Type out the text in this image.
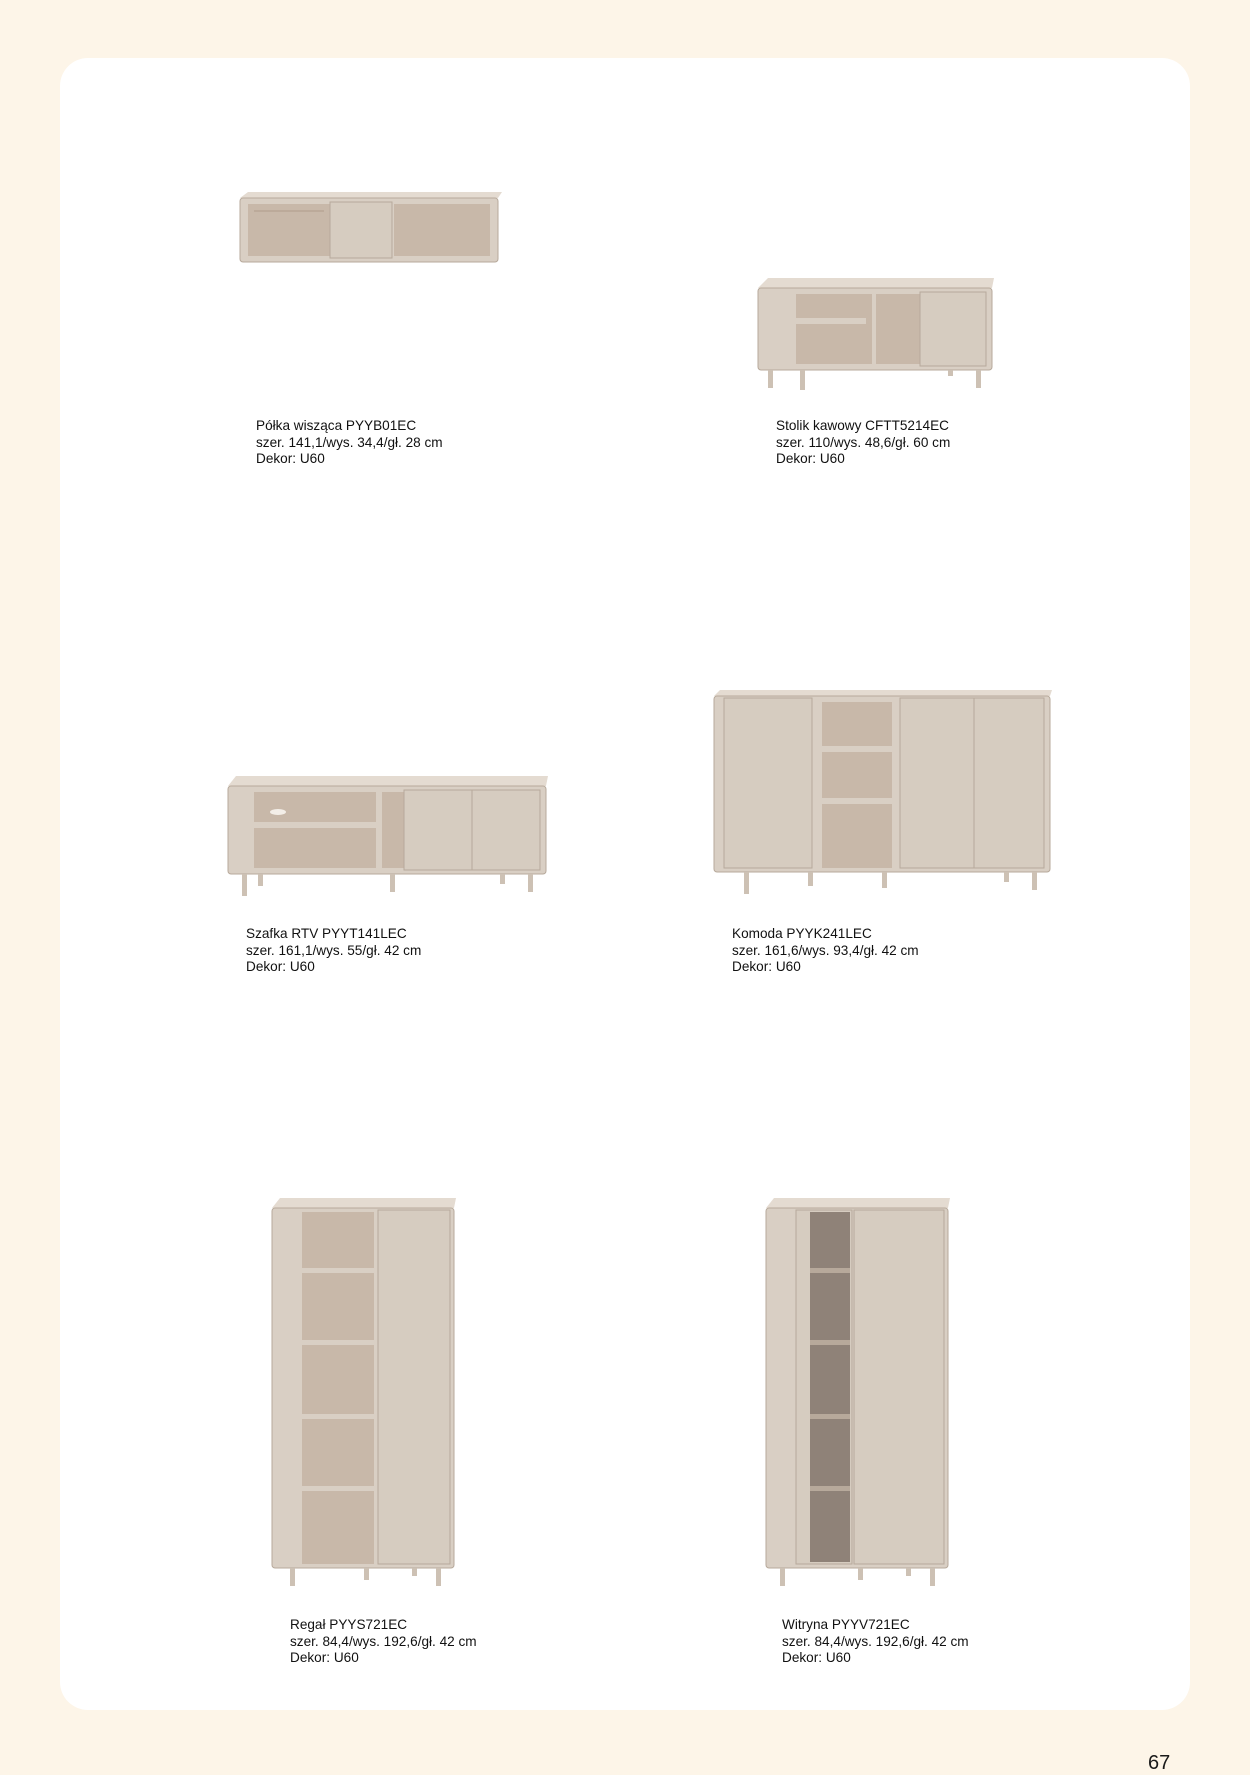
Półka wisząca PYYB01EC
szer. 141,1/wys. 34,4/gł. 28 cm
Dekor: U60
Stolik kawowy CFTT5214EC
szer. 110/wys. 48,6/gł. 60 cm
Dekor: U60
Szafka RTV PYYT141LEC
szer. 161,1/wys. 55/gł. 42 cm
Dekor: U60
Komoda PYYK241LEC
szer. 161,6/wys. 93,4/gł. 42 cm
Dekor: U60
Regał PYYS721EC
szer. 84,4/wys. 192,6/gł. 42 cm
Dekor: U60
Witryna PYYV721EC
szer. 84,4/wys. 192,6/gł. 42 cm
Dekor: U60
67
